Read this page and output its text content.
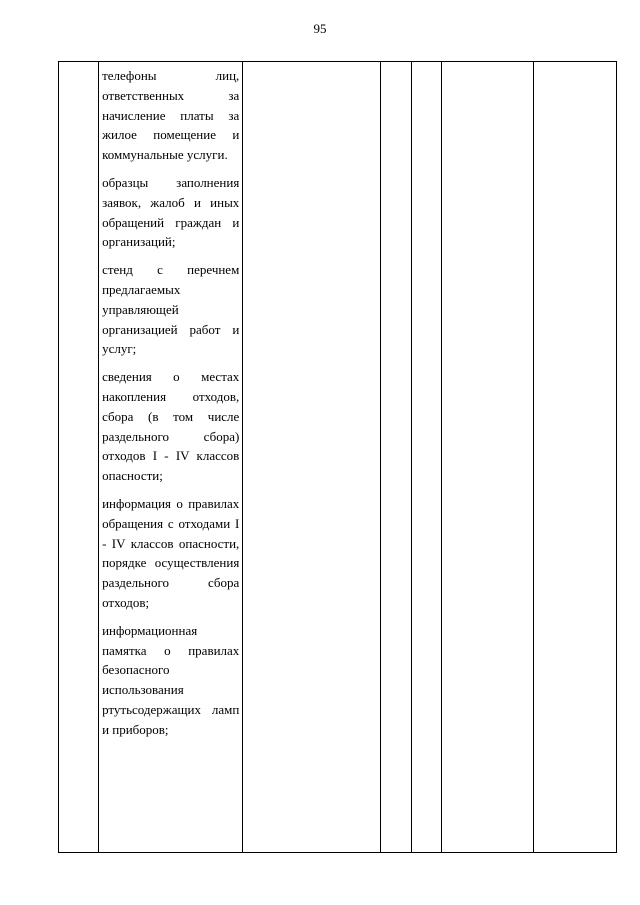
95

телефоны лиц, ответственных за начисление платы за жилое помещение и коммунальные услуги.

образцы заполнения заявок, жалоб и иных обращений граждан и организаций;

стенд с перечнем предлагаемых управляющей организацией работ и услуг;

сведения о местах накопления отходов, сбора (в том числе раздельного сбора) отходов I - IV классов опасности;

информация о правилах обращения с отходами I - IV классов опасности, порядке осуществления раздельного сбора отходов;

информационная памятка о правилах безопасного использования ртутьсодержащих ламп и приборов;
